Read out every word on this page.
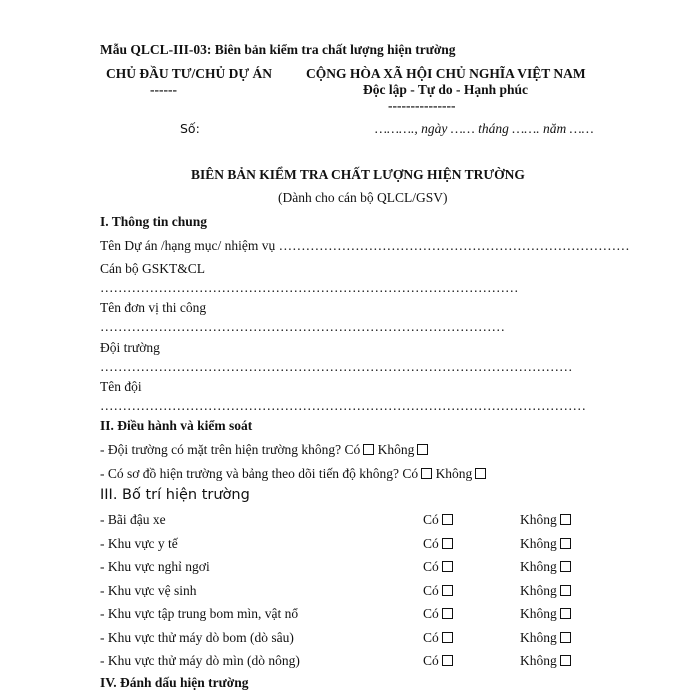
Mẫu QLCL-III-03: Biên bản kiểm tra chất lượng hiện trường
CHỦ ĐẦU TƯ/CHỦ DỰ ÁN
------
CỘNG HÒA XÃ HỘI CHỦ NGHĨA VIỆT NAM
Độc lập - Tự do - Hạnh phúc
---------------
Số:	………., ngày …… tháng ……. năm ……
BIÊN BẢN KIỂM TRA CHẤT LƯỢNG HIỆN TRƯỜNG
(Dành cho cán bộ QLCL/GSV)
I. Thông tin chung
Tên Dự án /hạng mục/ nhiệm vụ ……………………………………………………………………
Cán bộ GSKT&CL
…………………………………………………………………………………
Tên đơn vị thi công
………………………………………………………………………………
Đội trường
……………………………………………………………………………………………
Tên đội
………………………………………………………………………………………………
II. Điều hành và kiểm soát
- Đội trường có mặt trên hiện trường không? Có Không
- Có sơ đồ hiện trường và bảng theo dõi tiến độ không? Có Không
III. Bố trí hiện trường
- Bãi đậu xe	Có	Không
- Khu vực y tế	Có	Không
- Khu vực nghỉ ngơi	Có	Không
- Khu vực vệ sinh	Có	Không
- Khu vực tập trung bom mìn, vật nổ	Có	Không
- Khu vực thử máy dò bom (dò sâu)	Có	Không
- Khu vực thử máy dò mìn (dò nông)	Có	Không
IV. Đánh dấu hiện trường
